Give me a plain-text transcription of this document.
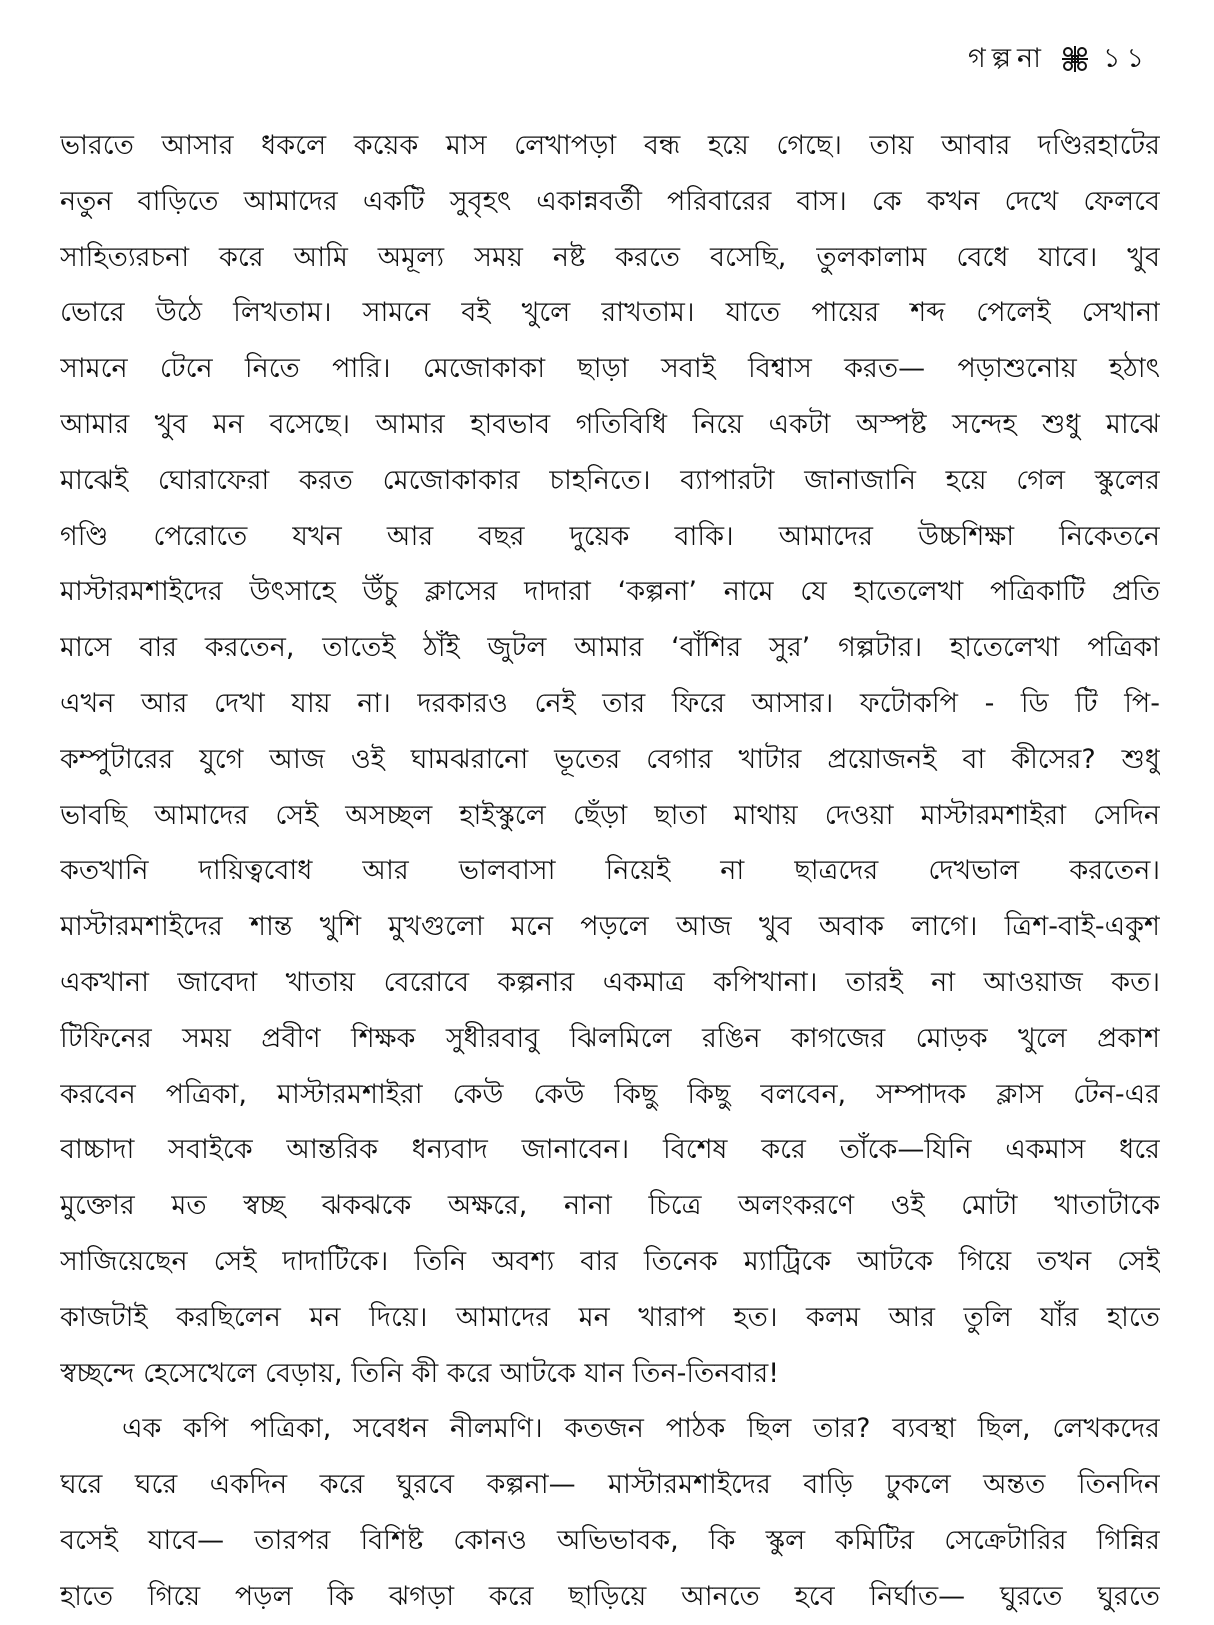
গল্পনা ১১
ভারতে আসার ধকলে কয়েক মাস লেখাপড়া বন্ধ হয়ে গেছে। তায় আবার দণ্ডিরহাটের
নতুন বাড়িতে আমাদের একটি সুবৃহৎ একান্নবর্তী পরিবারের বাস। কে কখন দেখে ফেলবে
সাহিত্যরচনা করে আমি অমূল্য সময় নষ্ট করতে বসেছি, তুলকালাম বেধে যাবে। খুব
ভোরে উঠে লিখতাম। সামনে বই খুলে রাখতাম। যাতে পায়ের শব্দ পেলেই সেখানা
সামনে টেনে নিতে পারি। মেজোকাকা ছাড়া সবাই বিশ্বাস করত— পড়াশুনোয় হঠাৎ
আমার খুব মন বসেছে। আমার হাবভাব গতিবিধি নিয়ে একটা অস্পষ্ট সন্দেহ শুধু মাঝে
মাঝেই ঘোরাফেরা করত মেজোকাকার চাহনিতে। ব্যাপারটা জানাজানি হয়ে গেল স্কুলের
গণ্ডি পেরোতে যখন আর বছর দুয়েক বাকি। আমাদের উচ্চশিক্ষা নিকেতনে
মাস্টারমশাইদের উৎসাহে উঁচু ক্লাসের দাদারা ‘কল্পনা’ নামে যে হাতেলেখা পত্রিকাটি প্রতি
মাসে বার করতেন, তাতেই ঠাঁই জুটল আমার ‘বাঁশির সুর’ গল্পটার। হাতেলেখা পত্রিকা
এখন আর দেখা যায় না। দরকারও নেই তার ফিরে আসার। ফটোকপি - ডি টি পি-
কম্পুটারের যুগে আজ ওই ঘামঝরানো ভূতের বেগার খাটার প্রয়োজনই বা কীসের? শুধু
ভাবছি আমাদের সেই অসচ্ছল হাইস্কুলে ছেঁড়া ছাতা মাথায় দেওয়া মাস্টারমশাইরা সেদিন
কতখানি দায়িত্ববোধ আর ভালবাসা নিয়েই না ছাত্রদের দেখভাল করতেন।
মাস্টারমশাইদের শান্ত খুশি মুখগুলো মনে পড়লে আজ খুব অবাক লাগে। ত্রিশ-বাই-একুশ
একখানা জাবেদা খাতায় বেরোবে কল্পনার একমাত্র কপিখানা। তারই না আওয়াজ কত।
টিফিনের সময় প্রবীণ শিক্ষক সুধীরবাবু ঝিলমিলে রঙিন কাগজের মোড়ক খুলে প্রকাশ
করবেন পত্রিকা, মাস্টারমশাইরা কেউ কেউ কিছু কিছু বলবেন, সম্পাদক ক্লাস টেন-এর
বাচ্চাদা সবাইকে আন্তরিক ধন্যবাদ জানাবেন। বিশেষ করে তাঁকে—যিনি একমাস ধরে
মুক্তোর মত স্বচ্ছ ঝকঝকে অক্ষরে, নানা চিত্রে অলংকরণে ওই মোটা খাতাটাকে
সাজিয়েছেন সেই দাদাটিকে। তিনি অবশ্য বার তিনেক ম্যাট্রিকে আটকে গিয়ে তখন সেই
কাজটাই করছিলেন মন দিয়ে। আমাদের মন খারাপ হত। কলম আর তুলি যাঁর হাতে
স্বচ্ছন্দে হেসেখেলে বেড়ায়, তিনি কী করে আটকে যান তিন-তিনবার!
এক কপি পত্রিকা, সবেধন নীলমণি। কতজন পাঠক ছিল তার? ব্যবস্থা ছিল, লেখকদের
ঘরে ঘরে একদিন করে ঘুরবে কল্পনা— মাস্টারমশাইদের বাড়ি ঢুকলে অন্তত তিনদিন
বসেই যাবে— তারপর বিশিষ্ট কোনও অভিভাবক, কি স্কুল কমিটির সেক্রেটারির গিন্নির
হাতে গিয়ে পড়ল কি ঝগড়া করে ছাড়িয়ে আনতে হবে নির্ঘাত— ঘুরতে ঘুরতে
